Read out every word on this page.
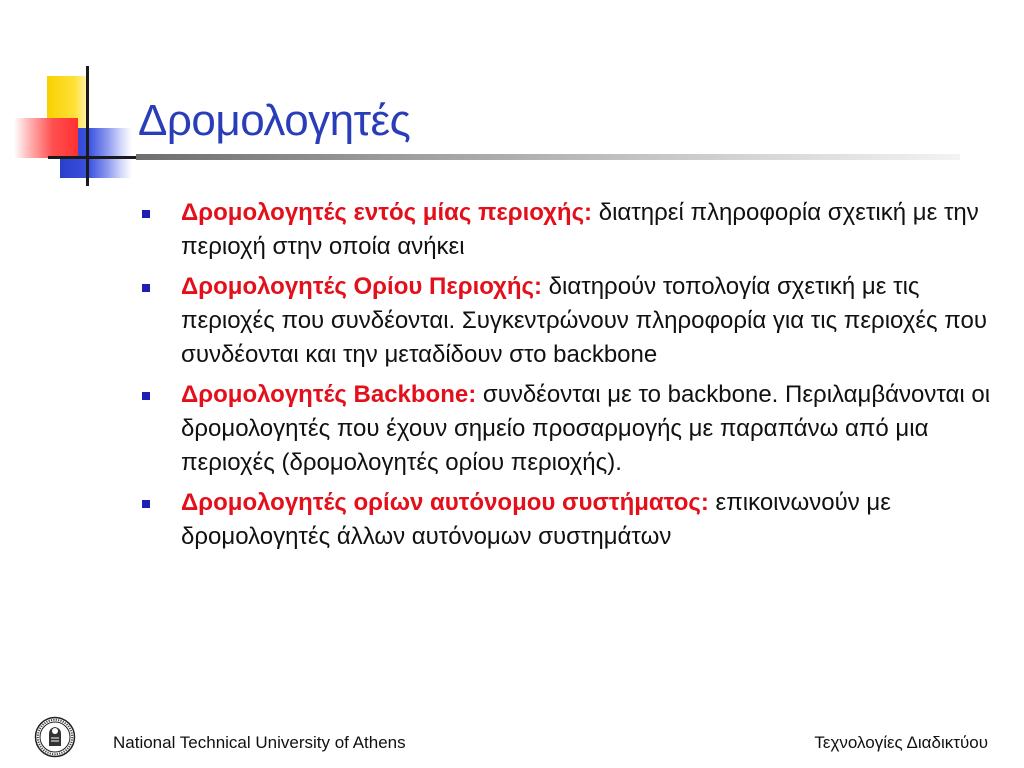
Δρομολογητές
Δρομολογητές εντός μίας περιοχής: διατηρεί πληροφορία σχετική με την περιοχή στην οποία ανήκει
Δρομολογητές Ορίου Περιοχής: διατηρούν τοπολογία σχετική με τις περιοχές που συνδέονται. Συγκεντρώνουν πληροφορία για τις περιοχές που συνδέονται και την μεταδίδουν στο backbone
Δρομολογητές Backbone: συνδέονται με το backbone. Περιλαμβάνονται οι δρομολογητές που έχουν σημείο προσαρμογής με παραπάνω από μια περιοχές (δρομολογητές ορίου περιοχής).
Δρομολογητές ορίων αυτόνομου συστήματος: επικοινωνούν με δρομολογητές άλλων αυτόνομων συστημάτων
National Technical University of Athens	Τεχνολογίες Διαδικτύου
